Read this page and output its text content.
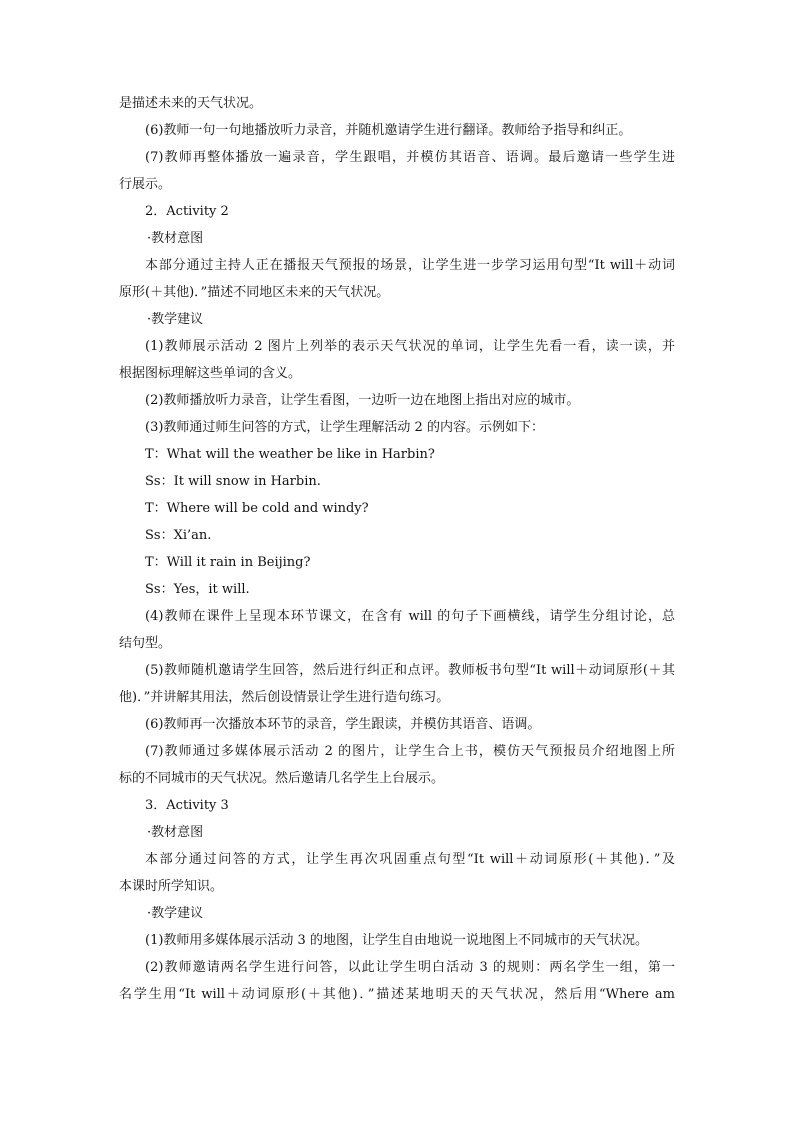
是描述未来的天气状况。
(6)教师一句一句地播放听力录音，并随机邀请学生进行翻译。教师给予指导和纠正。
(7)教师再整体播放一遍录音，学生跟唱，并模仿其语音、语调。最后邀请一些学生进
行展示。
2．Activity 2
·教材意图
本部分通过主持人正在播报天气预报的场景，让学生进一步学习运用句型“It will＋动词
原形(＋其他)．”描述不同地区未来的天气状况。
·教学建议
(1)教师展示活动 2 图片上列举的表示天气状况的单词，让学生先看一看，读一读，并
根据图标理解这些单词的含义。
(2)教师播放听力录音，让学生看图，一边听一边在地图上指出对应的城市。
(3)教师通过师生问答的方式，让学生理解活动 2 的内容。示例如下：
T：What will the weather be like in Harbin?
Ss：It will snow in Harbin.
T：Where will be cold and windy?
Ss：Xi’an.
T：Will it rain in Beijing?
Ss：Yes，it will.
(4)教师在课件上呈现本环节课文，在含有 will 的句子下画横线，请学生分组讨论，总
结句型。
(5)教师随机邀请学生回答，然后进行纠正和点评。教师板书句型“It will＋动词原形(＋其
他)．”并讲解其用法，然后创设情景让学生进行造句练习。
(6)教师再一次播放本环节的录音，学生跟读，并模仿其语音、语调。
(7)教师通过多媒体展示活动 2 的图片，让学生合上书，模仿天气预报员介绍地图上所
标的不同城市的天气状况。然后邀请几名学生上台展示。
3．Activity 3
·教材意图
本部分通过问答的方式，让学生再次巩固重点句型“It will＋动词原形(＋其他)．”及
本课时所学知识。
·教学建议
(1)教师用多媒体展示活动 3 的地图，让学生自由地说一说地图上不同城市的天气状况。
(2)教师邀请两名学生进行问答，以此让学生明白活动 3 的规则：两名学生一组，第一
名学生用“It will＋动词原形(＋其他)．”描述某地明天的天气状况，然后用“Where am
